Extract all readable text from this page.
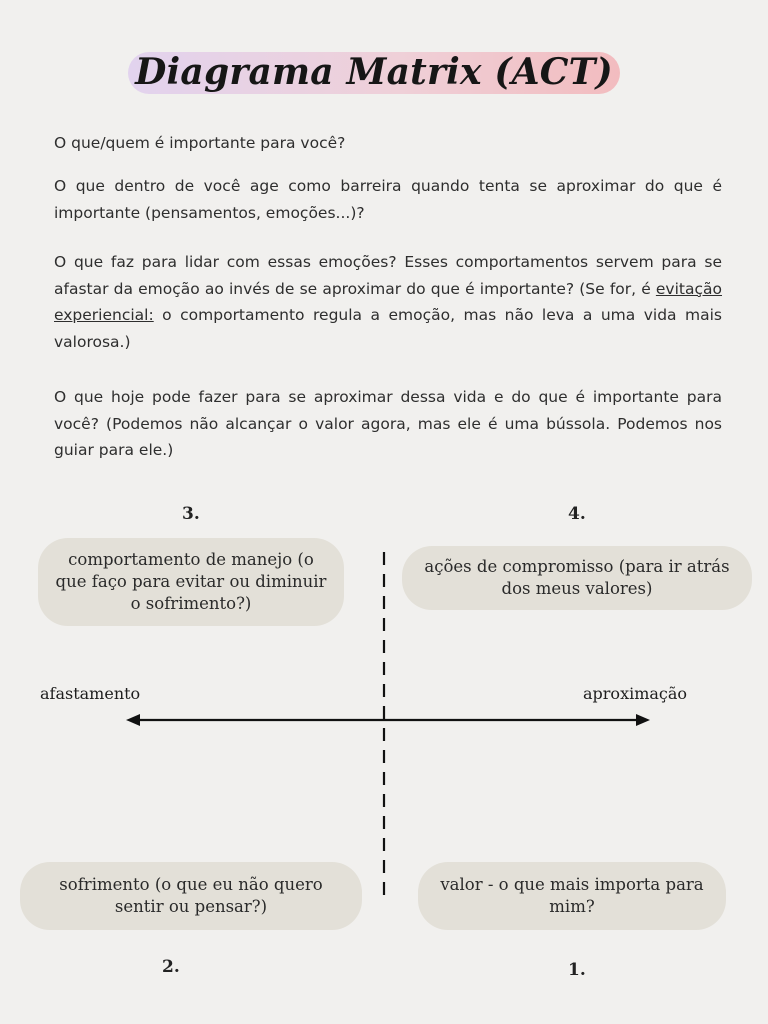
Diagrama Matrix (ACT)

O que/quem é importante para você?

O que dentro de você age como barreira quando tenta se aproximar do que é importante (pensamentos, emoções...)?

O que faz para lidar com essas emoções? Esses comportamentos servem para se afastar da emoção ao invés de se aproximar do que é importante? (Se for, é evitação experiencial: o comportamento regula a emoção, mas não leva a uma vida mais valorosa.)

O que hoje pode fazer para se aproximar dessa vida e do que é importante para você? (Podemos não alcançar o valor agora, mas ele é uma bússola. Podemos nos guiar para ele.)

3.	4.
comportamento de manejo (o que faço para evitar ou diminuir o sofrimento?)
ações de compromisso (para ir atrás dos meus valores)
afastamento	aproximação
sofrimento (o que eu não quero sentir ou pensar?)
valor - o que mais importa para mim?
2.	1.
